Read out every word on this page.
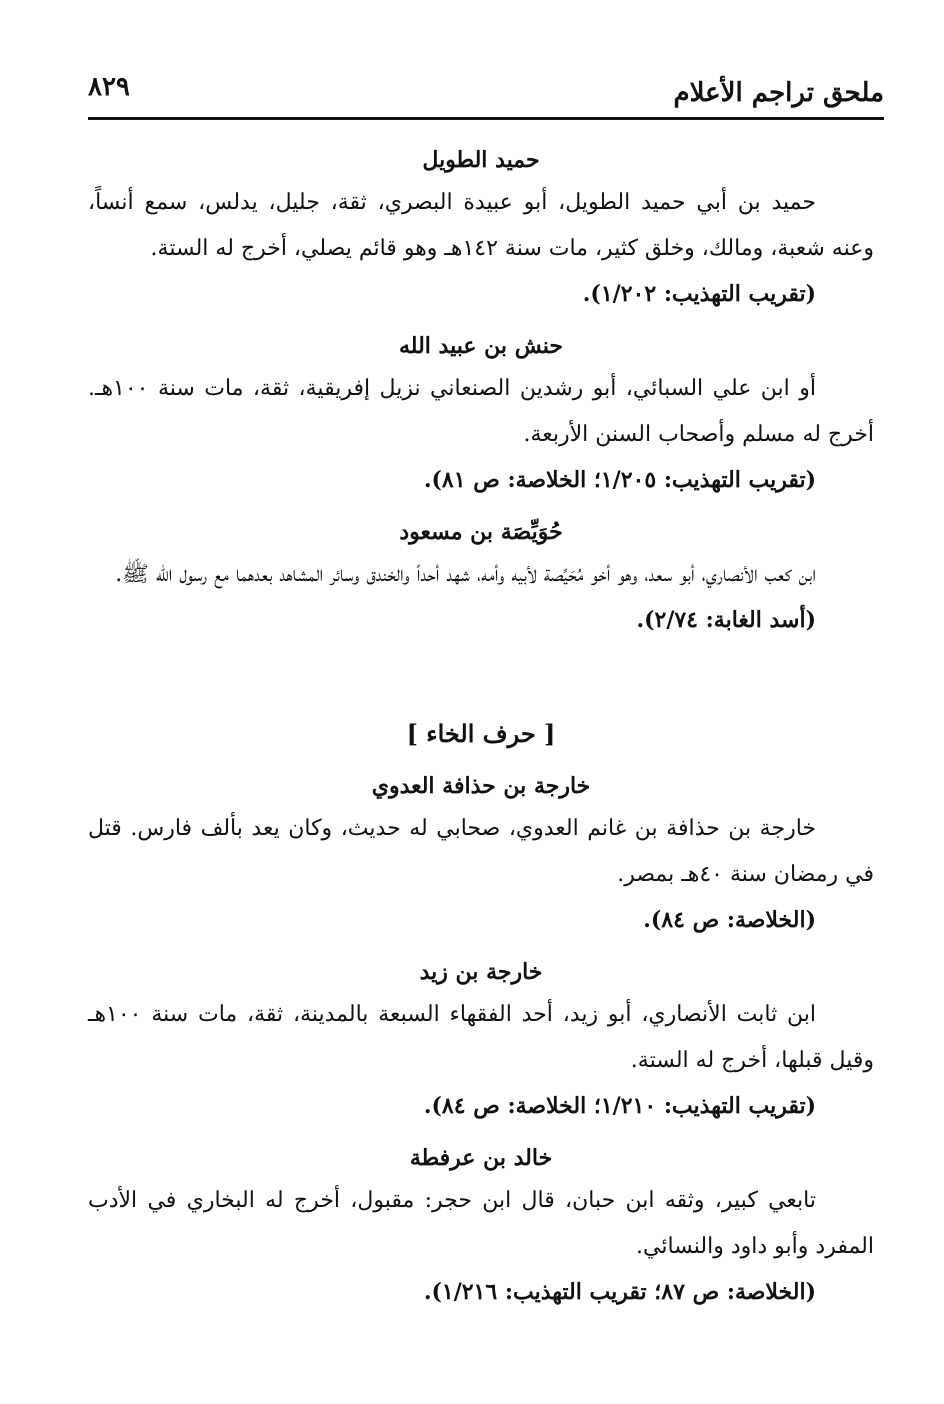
ملحق تراجم الأعلام
٨٢٩

حميد الطويل

حميد بن أبي حميد الطويل، أبو عبيدة البصري، ثقة، جليل، يدلس، سمع أنساً، وعنه شعبة، ومالك، وخلق كثير، مات سنة ١٤٢هـ وهو قائم يصلي، أخرج له الستة.

(تقريب التهذيب: ١/٢٠٢).

حنش بن عبيد الله

أو ابن علي السبائي، أبو رشدين الصنعاني نزيل إفريقية، ثقة، مات سنة ١٠٠هـ. أخرج له مسلم وأصحاب السنن الأربعة.

(تقريب التهذيب: ١/٢٠٥؛ الخلاصة: ص ٨١).

حُوَيِّصَة بن مسعود

ابن كعب الأنصاري، أبو سعد، وهو أخو مُحَيِّصة لأبيه وأمه، شهد أحداً والخندق وسائر المشاهد بعدهما مع رسول الله ﷺ.

(أسد الغابة: ٢/٧٤).

[ حرف الخاء ]

خارجة بن حذافة العدوي

خارجة بن حذافة بن غانم العدوي، صحابي له حديث، وكان يعد بألف فارس. قتل في رمضان سنة ٤٠هـ بمصر.

(الخلاصة: ص ٨٤).

خارجة بن زيد

ابن ثابت الأنصاري، أبو زيد، أحد الفقهاء السبعة بالمدينة، ثقة، مات سنة ١٠٠هـ وقيل قبلها، أخرج له الستة.

(تقريب التهذيب: ١/٢١٠؛ الخلاصة: ص ٨٤).

خالد بن عرفطة

تابعي كبير، وثقه ابن حبان، قال ابن حجر: مقبول، أخرج له البخاري في الأدب المفرد وأبو داود والنسائي.

(الخلاصة: ص ٨٧؛ تقريب التهذيب: ١/٢١٦).
